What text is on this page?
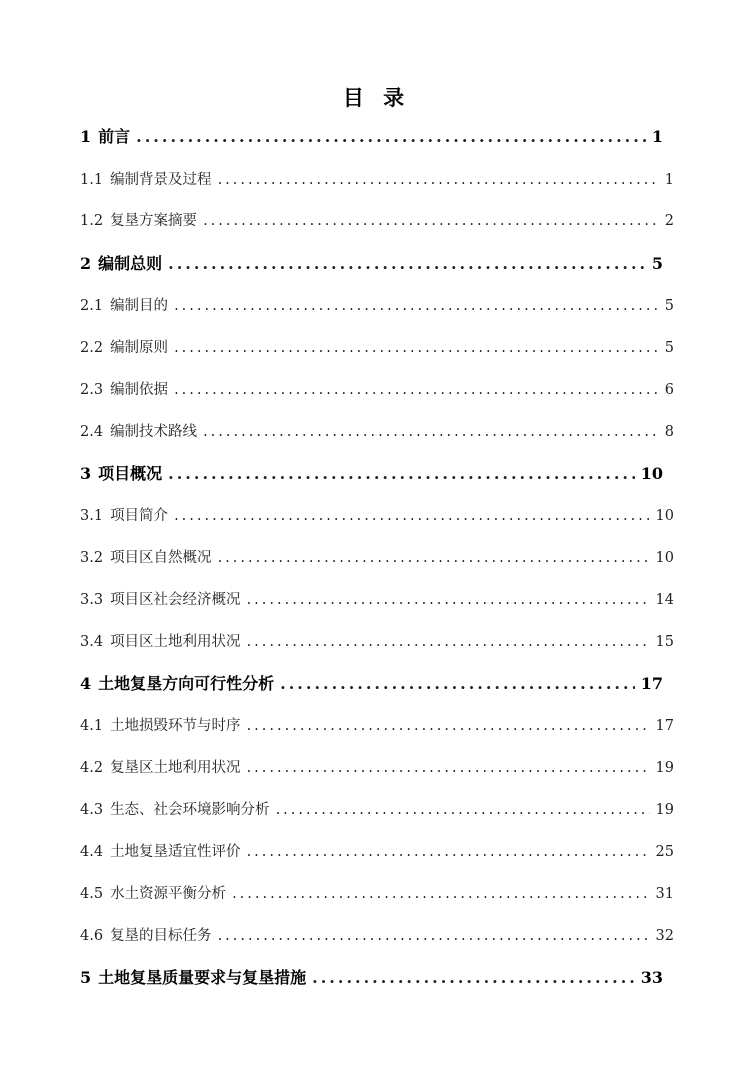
目 录
1 前言 .....	1
1.1 编制背景及过程 .....	1
1.2 复垦方案摘要 .....	2
2 编制总则 .....	5
2.1 编制目的 .....	5
2.2 编制原则 .....	5
2.3 编制依据 .....	6
2.4 编制技术路线 .....	8
3 项目概况 .....	10
3.1 项目简介 .....	10
3.2 项目区自然概况 .....	10
3.3 项目区社会经济概况 .....	14
3.4 项目区土地利用状况 .....	15
4 土地复垦方向可行性分析 .....	17
4.1 土地损毁环节与时序 .....	17
4.2 复垦区土地利用状况 .....	19
4.3 生态、社会环境影响分析 .....	19
4.4 土地复垦适宜性评价 .....	25
4.5 水土资源平衡分析 .....	31
4.6 复垦的目标任务 .....	32
5 土地复垦质量要求与复垦措施 .....	33
